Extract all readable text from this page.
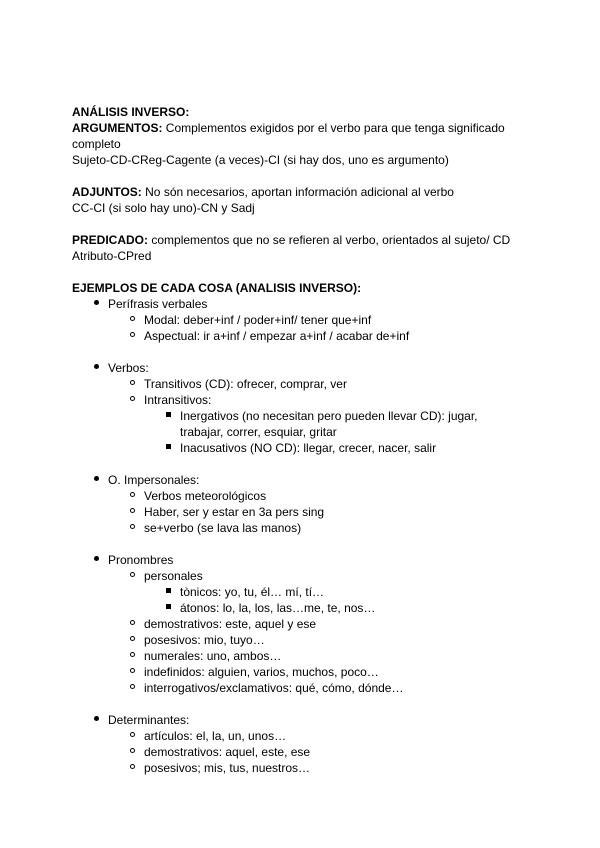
ANÁLISIS INVERSO:
ARGUMENTOS: Complementos exigidos por el verbo para que tenga significado
completo
Sujeto-CD-CReg-Cagente (a veces)-CI (si hay dos, uno es argumento)
ADJUNTOS: No són necesarios, aportan información adicional al verbo
CC-CI (si solo hay uno)-CN y Sadj
PREDICADO: complementos que no se refieren al verbo, orientados al sujeto/ CD
Atributo-CPred
EJEMPLOS DE CADA COSA (ANALISIS INVERSO):
Perífrasis verbales
Modal: deber+inf / poder+inf/ tener que+inf
Aspectual: ir a+inf / empezar a+inf / acabar de+inf
Verbos:
Transitivos (CD): ofrecer, comprar, ver
Intransitivos:
Inergativos (no necesitan pero pueden llevar CD): jugar,
trabajar, correr, esquiar, gritar
Inacusativos (NO CD): llegar, crecer, nacer, salir
O. Impersonales:
Verbos meteorológicos
Haber, ser y estar en 3a pers sing
se+verbo (se lava las manos)
Pronombres
personales
tònicos: yo, tu, él… mí, tí…
átonos: lo, la, los, las…me, te, nos…
demostrativos: este, aquel y ese
posesivos: mio, tuyo…
numerales: uno, ambos…
indefinidos: alguien, varios, muchos, poco…
interrogativos/exclamativos: qué, cómo, dónde…
Determinantes:
artículos: el, la, un, unos…
demostrativos: aquel, este, ese
posesivos; mis, tus, nuestros…
